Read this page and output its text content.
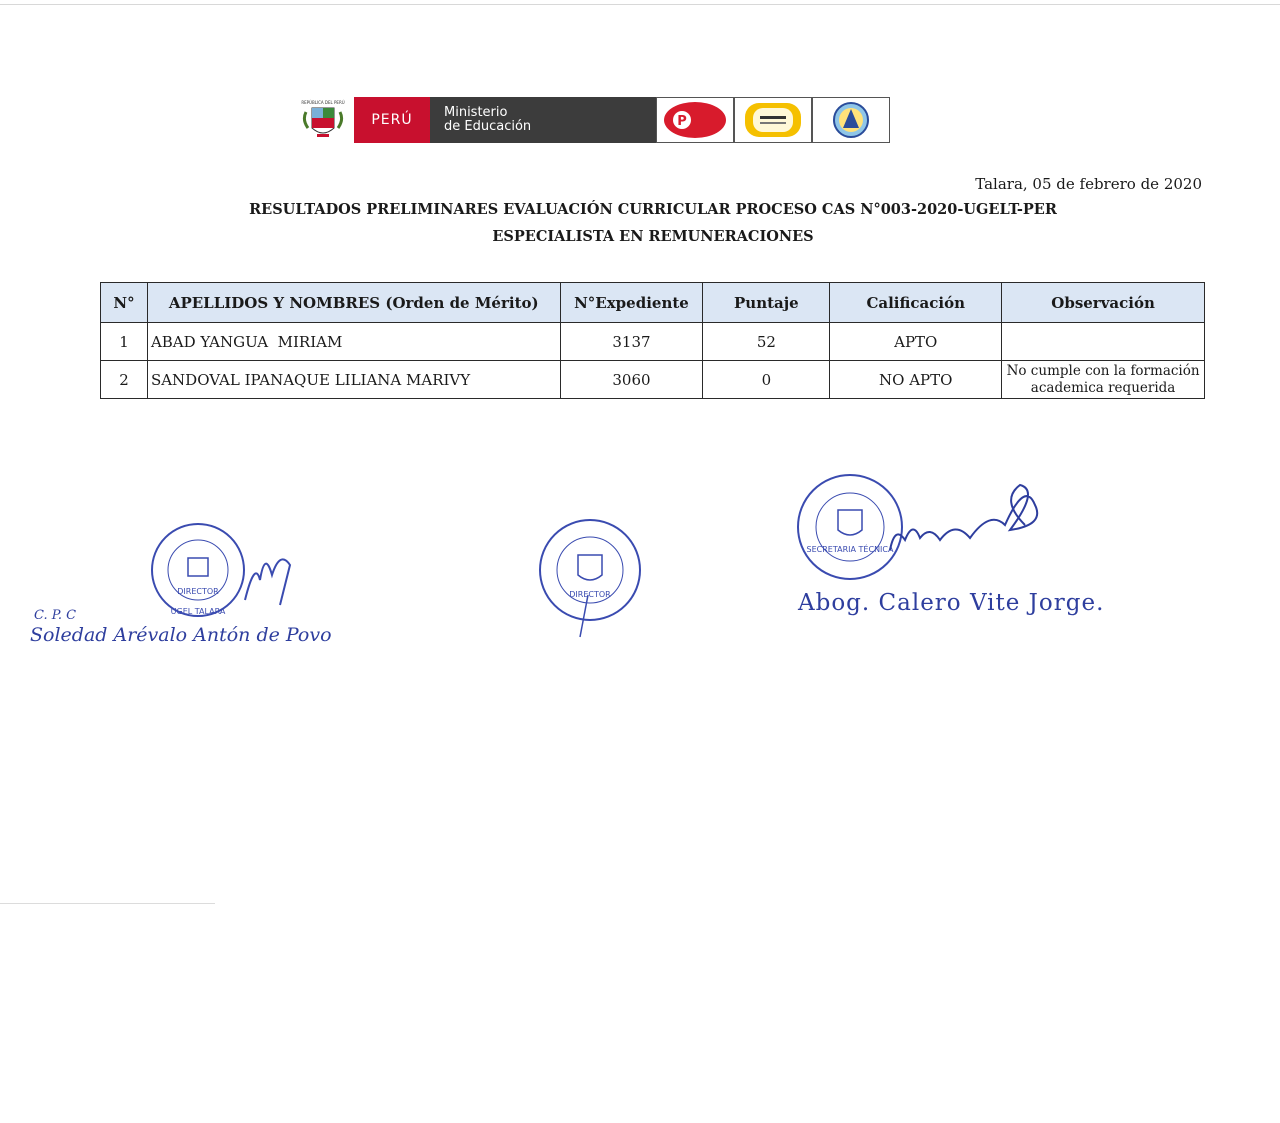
REPÚBLICA DEL PERÚ
PERÚ	Ministerio
de Educación	P
Talara, 05 de febrero de 2020
RESULTADOS PRELIMINARES EVALUACIÓN CURRICULAR PROCESO CAS N°003-2020-UGELT-PER
ESPECIALISTA EN REMUNERACIONES
N°	APELLIDOS Y NOMBRES (Orden de Mérito)	N°Expediente	Puntaje	Calificación	Observación
1	ABAD YANGUA  MIRIAM	3137	52	APTO	

2	SANDOVAL IPANAQUE LILIANA MARIVY	3060	0	NO APTO	No cumple con la formación
academica requerida
DIRECTOR
UGEL TALARA
C. P. C
Soledad Arévalo Antón de Povo
DIRECTOR
SECRETARIA TÉCNICA
Abog. Calero Vite Jorge.
